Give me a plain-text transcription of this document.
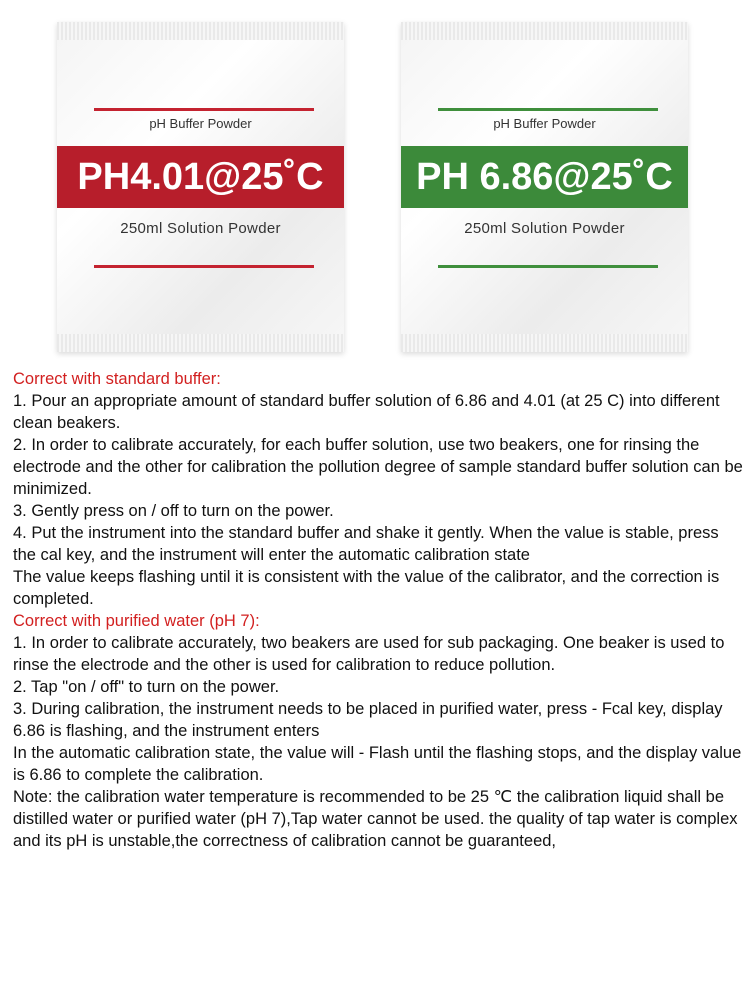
pH Buffer Powder
PH4.01@25˚C
250ml Solution Powder
pH Buffer Powder
PH 6.86@25˚C
250ml Solution Powder

Correct with standard buffer:

1. Pour an appropriate amount of standard buffer solution of 6.86 and 4.01 (at 25 C) into different clean beakers.

2. In order to calibrate accurately, for each buffer solution, use two beakers, one for rinsing the electrode and the other for calibration the pollution degree of sample standard buffer solution can be minimized.

3. Gently press on / off to turn on the power.

4. Put the instrument into the standard buffer and shake it gently. When the value is stable, press the cal key, and the instrument will enter the automatic calibration state

The value keeps flashing until it is consistent with the value of the calibrator, and the correction is completed.

Correct with purified water (pH 7):

1. In order to calibrate accurately, two beakers are used for sub packaging. One beaker is used to rinse the electrode and the other is used for calibration to reduce pollution.

2. Tap "on / off" to turn on the power.

3. During calibration, the instrument needs to be placed in purified water, press - Fcal key, display 6.86 is flashing, and the instrument enters

In the automatic calibration state, the value will - Flash until the flashing stops, and the display value is 6.86 to complete the calibration.

Note: the calibration water temperature is recommended to be 25 ℃ the calibration liquid shall be distilled water or purified water (pH 7),Tap water cannot be used. the quality of tap water is complex and its pH is unstable,the correctness of calibration cannot be guaranteed,
